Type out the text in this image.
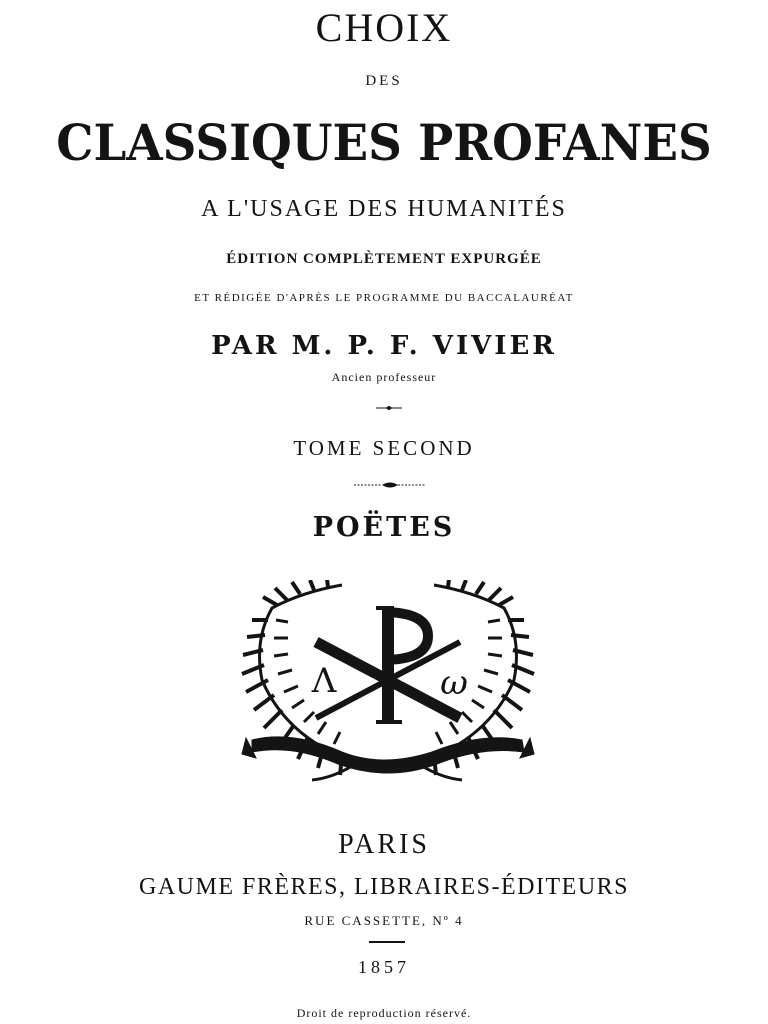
CHOIX
DES
CLASSIQUES PROFANES
A L'USAGE DES HUMANITÉS
ÉDITION COMPLÈTEMENT EXPURGÉE
ET RÉDIGÉE D'APRÈS LE PROGRAMME DU BACCALAURÉAT
PAR M. P. F. VIVIER
Ancien professeur
TOME SECOND
POËTES
Λ	ω
PARIS
GAUME FRÈRES, LIBRAIRES-ÉDITEURS
RUE CASSETTE, Nº 4
1857
Droit de reproduction réservé.
